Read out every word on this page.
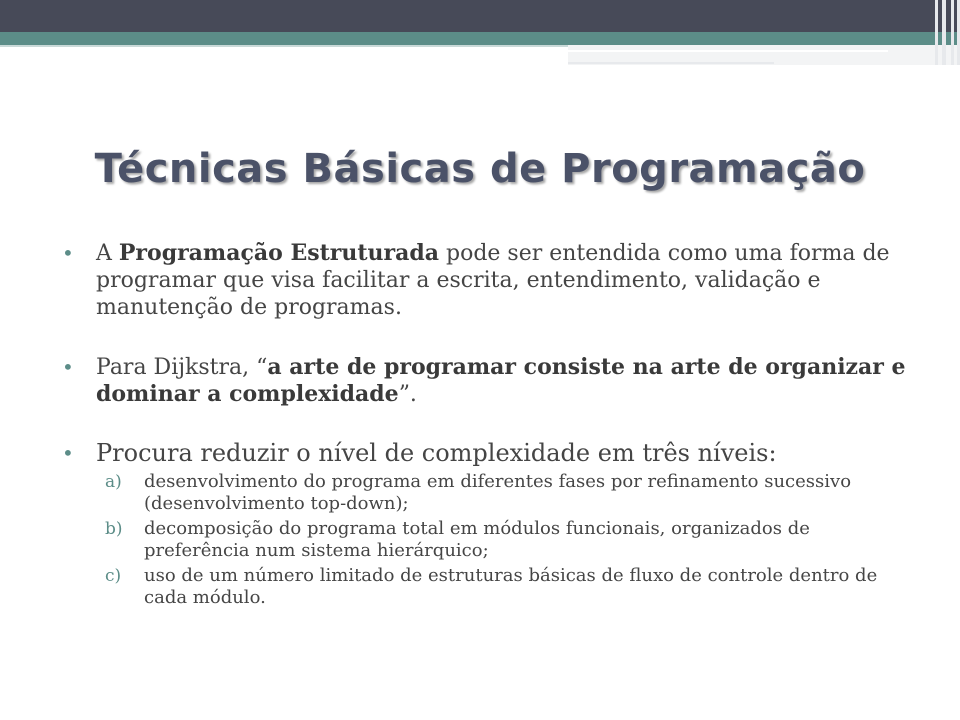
Técnicas Básicas de Programação
• A Programação Estruturada pode ser entendida como uma forma de programar que visa facilitar a escrita, entendimento, validação e manutenção de programas.
• Para Dijkstra, “a arte de programar consiste na arte de organizar e dominar a complexidade”.
• Procura reduzir o nível de complexidade em três níveis:
a) desenvolvimento do programa em diferentes fases por refinamento sucessivo (desenvolvimento top-down);
b) decomposição do programa total em módulos funcionais, organizados de preferência num sistema hierárquico;
c) uso de um número limitado de estruturas básicas de fluxo de controle dentro de cada módulo.
